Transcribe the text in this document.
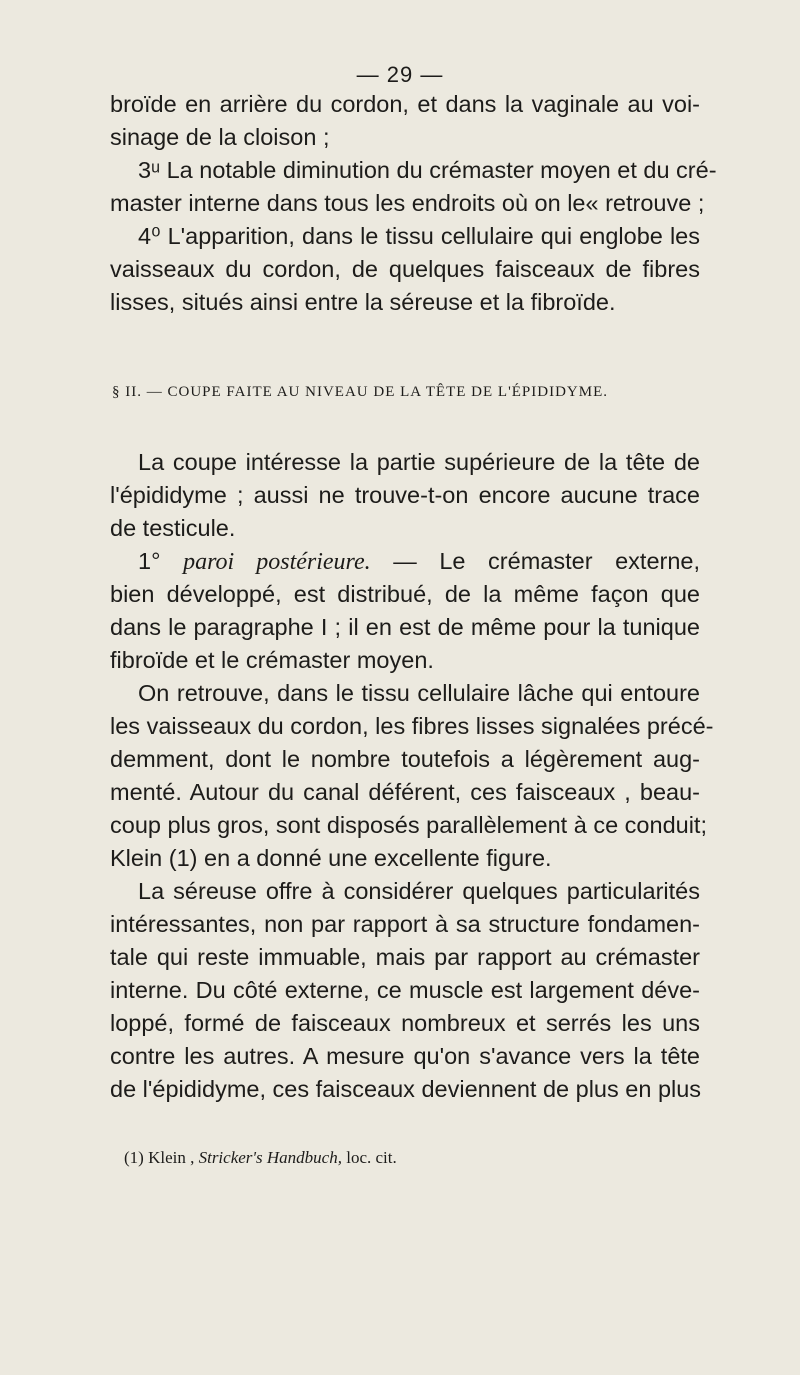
— 29 —
broïde en arrière du cordon, et dans la vaginale au voi-
sinage de la cloison ;
3ᵘ La notable diminution du crémaster moyen et du cré-
master interne dans tous les endroits où on le« retrouve ;
4⁰ L'apparition, dans le tissu cellulaire qui englobe les
vaisseaux du cordon, de quelques faisceaux de fibres
lisses, situés ainsi entre la séreuse et la fibroïde.
§ II. — COUPE FAITE AU NIVEAU DE LA TÊTE DE L'ÉPIDIDYME.
La coupe intéresse la partie supérieure de la tête de
l'épididyme ; aussi ne trouve-t-on encore aucune trace
de testicule.
1° paroi postérieure. — Le crémaster externe,
bien développé, est distribué, de la même façon que
dans le paragraphe I ; il en est de même pour la tunique
fibroïde et le crémaster moyen.
On retrouve, dans le tissu cellulaire lâche qui entoure
les vaisseaux du cordon, les fibres lisses signalées précé-
demment, dont le nombre toutefois a légèrement aug-
menté. Autour du canal déférent, ces faisceaux , beau-
coup plus gros, sont disposés parallèlement à ce conduit;
Klein (1) en a donné une excellente figure.
La séreuse offre à considérer quelques particularités
intéressantes, non par rapport à sa structure fondamen-
tale qui reste immuable, mais par rapport au crémaster
interne. Du côté externe, ce muscle est largement déve-
loppé, formé de faisceaux nombreux et serrés les uns
contre les autres. A mesure qu'on s'avance vers la tête
de l'épididyme, ces faisceaux deviennent de plus en plus
(1) Klein , Stricker's Handbuch, loc. cit.
